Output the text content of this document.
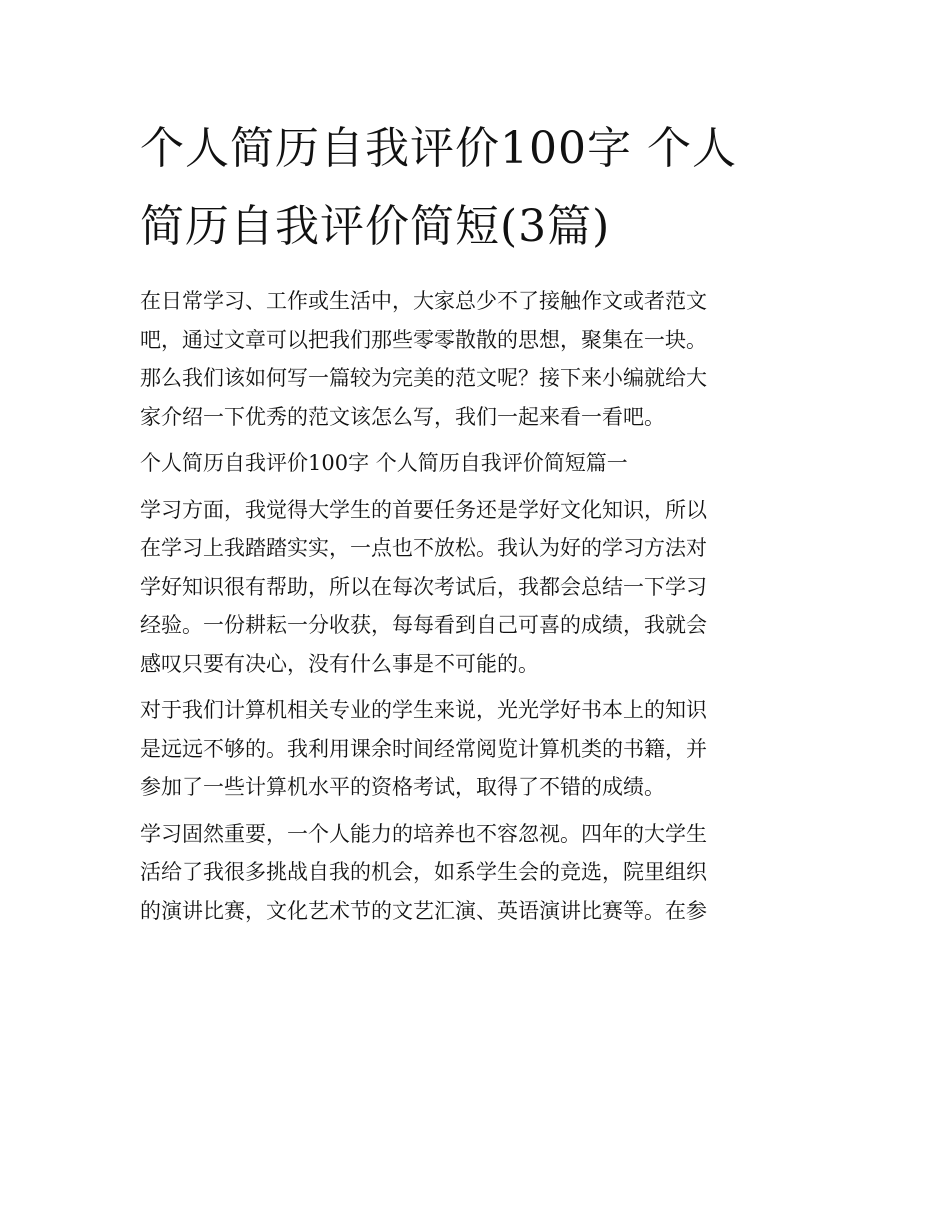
个人简历自我评价100字 个人
简历自我评价简短(3篇)

在日常学习、工作或生活中，大家总少不了接触作文或者范文
吧，通过文章可以把我们那些零零散散的思想，聚集在一块。
那么我们该如何写一篇较为完美的范文呢？接下来小编就给大
家介绍一下优秀的范文该怎么写，我们一起来看一看吧。

个人简历自我评价100字 个人简历自我评价简短篇一

学习方面，我觉得大学生的首要任务还是学好文化知识，所以
在学习上我踏踏实实，一点也不放松。我认为好的学习方法对
学好知识很有帮助，所以在每次考试后，我都会总结一下学习
经验。一份耕耘一分收获，每每看到自己可喜的成绩，我就会
感叹只要有决心，没有什么事是不可能的。

对于我们计算机相关专业的学生来说，光光学好书本上的知识
是远远不够的。我利用课余时间经常阅览计算机类的书籍，并
参加了一些计算机水平的资格考试，取得了不错的成绩。

学习固然重要，一个人能力的培养也不容忽视。四年的大学生
活给了我很多挑战自我的机会，如系学生会的竞选，院里组织
的演讲比赛，文化艺术节的文艺汇演、英语演讲比赛等。在参
